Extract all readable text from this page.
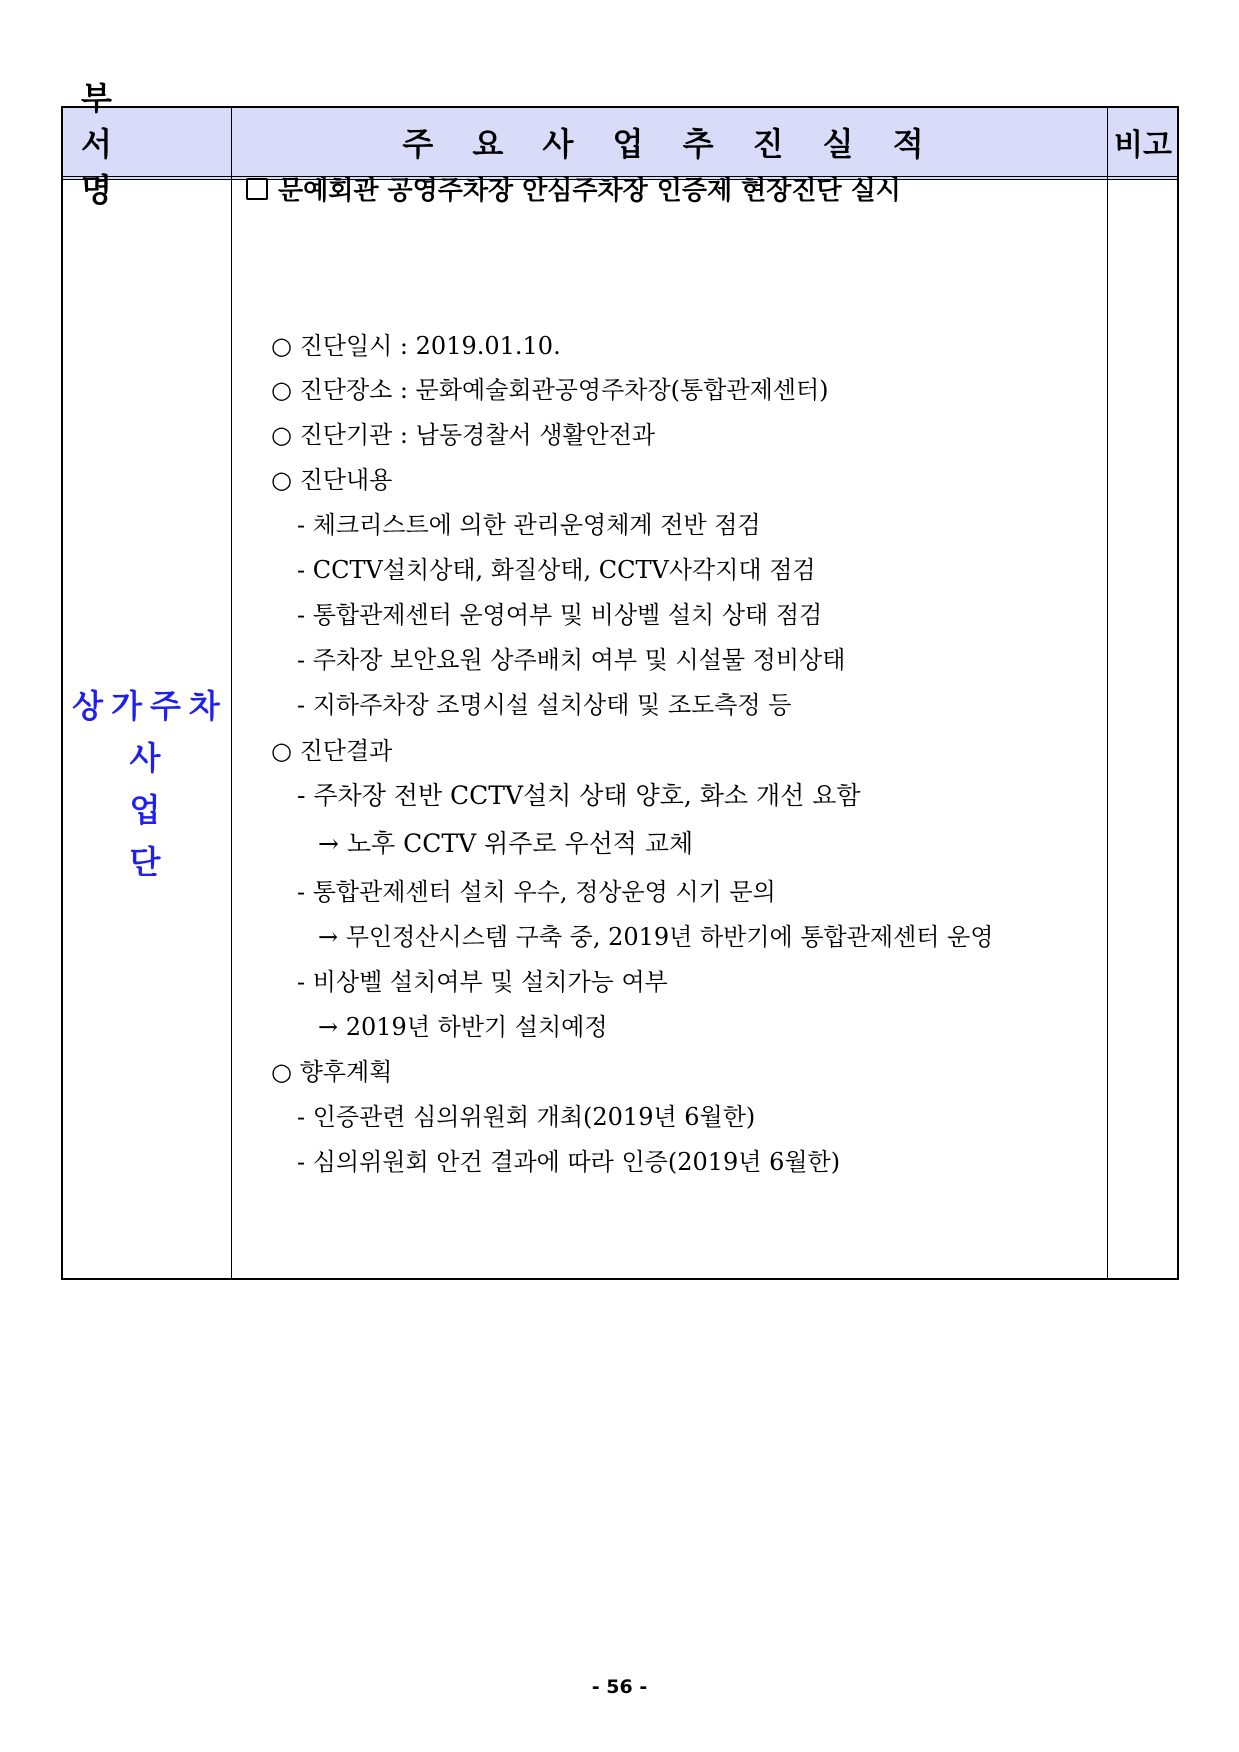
부 서 명
주 요 사 업 추 진 실 적	비고
상가주차
사 업 단
문예회관 공영주차장 안심주차장 인증제 현장진단 실시
○ 진단일시 : 2019.01.10.
○ 진단장소 : 문화예술회관공영주차장(통합관제센터)
○ 진단기관 : 남동경찰서 생활안전과
○ 진단내용
- 체크리스트에 의한 관리운영체계 전반 점검
- CCTV설치상태, 화질상태, CCTV사각지대 점검
- 통합관제센터 운영여부 및 비상벨 설치 상태 점검
- 주차장 보안요원 상주배치 여부 및 시설물 정비상태
- 지하주차장 조명시설 설치상태 및 조도측정 등
○ 진단결과
- 주차장 전반 CCTV설치 상태 양호, 화소 개선 요함
→ 노후 CCTV 위주로 우선적 교체
- 통합관제센터 설치 우수, 정상운영 시기 문의
→ 무인정산시스템 구축 중, 2019년 하반기에 통합관제센터 운영
- 비상벨 설치여부 및 설치가능 여부
→ 2019년 하반기 설치예정
○ 향후계획
- 인증관련 심의위원회 개최(2019년 6월한)
- 심의위원회 안건 결과에 따라 인증(2019년 6월한)
- 56 -
